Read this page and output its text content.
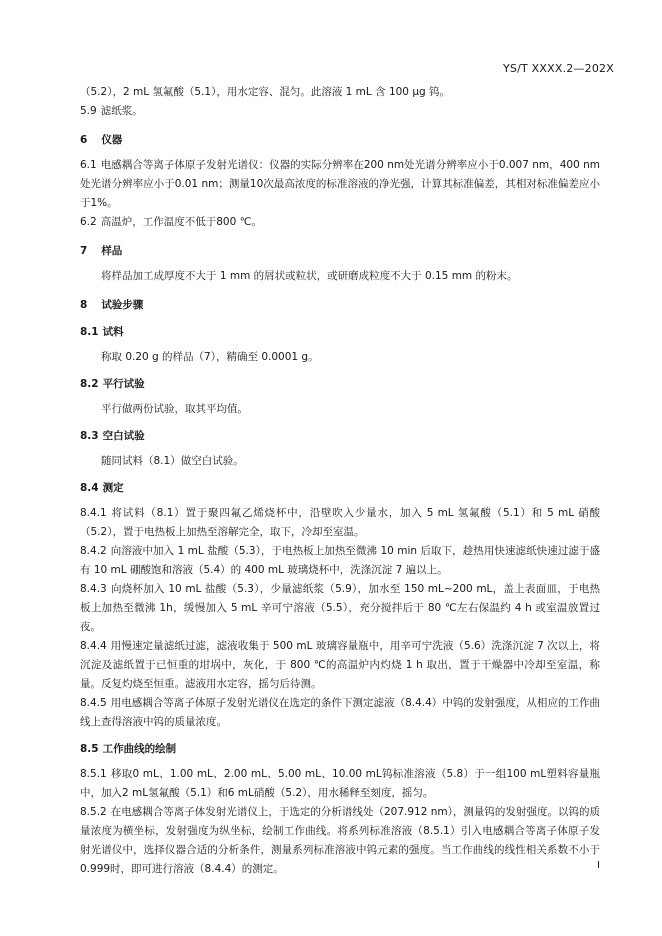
YS/T XXXX.2—202X
（5.2），2 mL 氢氟酸（5.1），用水定容、混匀。此溶液 1 mL 含 100 μg 钨。
5.9 滤纸浆。
6 仪器
6.1 电感耦合等离子体原子发射光谱仪：仪器的实际分辨率在200 nm处光谱分辨率应小于0.007 nm，400 nm处光谱分辨率应小于0.01 nm；测量10次最高浓度的标准溶液的净光强，计算其标准偏差，其相对标准偏差应小于1%。
6.2 高温炉，工作温度不低于800 ℃。
7 样品
将样品加工成厚度不大于 1 mm 的屑状或粒状，或研磨成粒度不大于 0.15 mm 的粉末。
8 试验步骤
8.1 试料
称取 0.20 g 的样品（7），精确至 0.0001 g。
8.2 平行试验
平行做两份试验，取其平均值。
8.3 空白试验
随同试料（8.1）做空白试验。
8.4 测定
8.4.1 将试料（8.1）置于聚四氟乙烯烧杯中，沿壁吹入少量水，加入 5 mL 氢氟酸（5.1）和 5 mL 硝酸（5.2），置于电热板上加热至溶解完全，取下，冷却至室温。
8.4.2 向溶液中加入 1 mL 盐酸（5.3），于电热板上加热至微沸 10 min 后取下，趁热用快速滤纸快速过滤于盛有 10 mL 硼酸饱和溶液（5.4）的 400 mL 玻璃烧杯中，洗涤沉淀 7 遍以上。
8.4.3 向烧杯加入 10 mL 盐酸（5.3），少量滤纸浆（5.9），加水至 150 mL~200 mL，盖上表面皿，于电热板上加热至微沸 1h，缓慢加入 5 mL 辛可宁溶液（5.5），充分搅拌后于 80 ℃左右保温约 4 h 或室温放置过夜。
8.4.4 用慢速定量滤纸过滤，滤液收集于 500 mL 玻璃容量瓶中，用辛可宁洗液（5.6）洗涤沉淀 7 次以上，将沉淀及滤纸置于已恒重的坩埚中，灰化，于 800 ℃的高温炉内灼烧 1 h 取出，置于干燥器中冷却至室温，称量。反复灼烧至恒重。滤液用水定容，摇匀后待测。
8.4.5 用电感耦合等离子体原子发射光谱仪在选定的条件下测定滤液（8.4.4）中钨的发射强度，从相应的工作曲线上查得溶液中钨的质量浓度。
8.5 工作曲线的绘制
8.5.1 移取0 mL、1.00 mL、2.00 mL、5.00 mL、10.00 mL钨标准溶液（5.8）于一组100 mL塑料容量瓶中，加入2 mL氢氟酸（5.1）和6 mL硝酸（5.2），用水稀释至刻度，摇匀。
8.5.2 在电感耦合等离子体发射光谱仪上，于选定的分析谱线处（207.912 nm），测量钨的发射强度。以钨的质量浓度为横坐标，发射强度为纵坐标，绘制工作曲线。将系列标准溶液（8.5.1）引入电感耦合等离子体原子发射光谱仪中，选择仪器合适的分析条件，测量系列标准溶液中钨元素的强度。当工作曲线的线性相关系数不小于0.999时，即可进行溶液（8.4.4）的测定。	I
